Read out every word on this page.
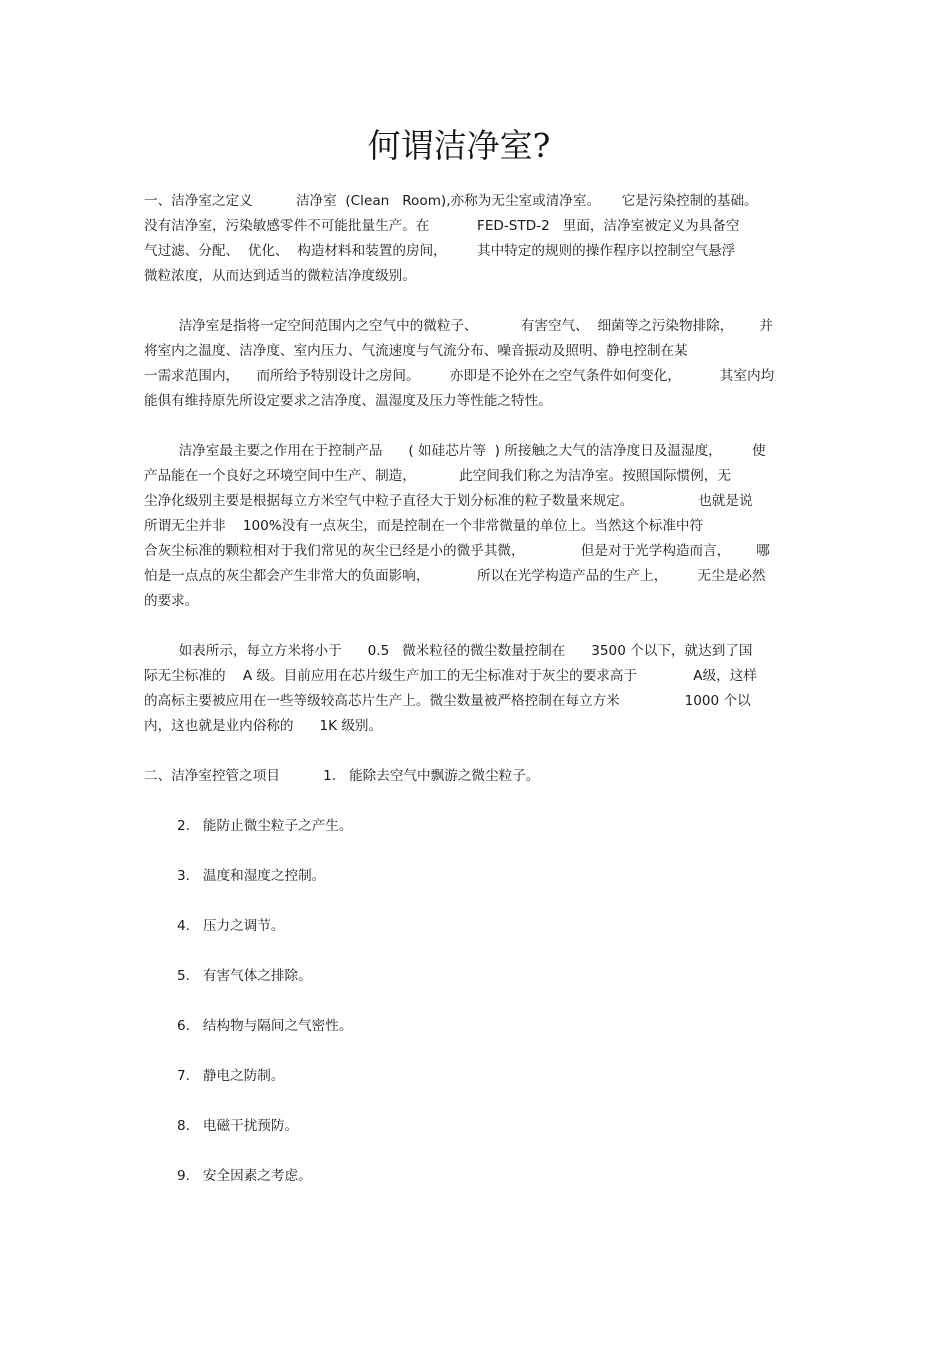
何谓洁净室?
一、洁净室之定义          洁净室  (Clean   Room),亦称为无尘室或清净室。     它是污染控制的基础。
没有洁净室，污染敏感零件不可能批量生产。在           FED-STD-2   里面，洁净室被定义为具备空
气过滤、分配、  优化、  构造材料和装置的房间，       其中特定的规则的操作程序以控制空气悬浮
微粒浓度，从而达到适当的微粒洁净度级别。
洁净室是指将一定空间范围内之空气中的微粒子、          有害空气、  细菌等之污染物排除，      并
将室内之温度、洁净度、室内压力、气流速度与气流分布、噪音振动及照明、静电控制在某
一需求范围内，    而所给予特别设计之房间。       亦即是不论外在之空气条件如何变化，         其室内均
能俱有维持原先所设定要求之洁净度、温湿度及压力等性能之特性。
洁净室最主要之作用在于控制产品      ( 如硅芯片等  ) 所接触之大气的洁净度日及温湿度，       使
产品能在一个良好之环境空间中生产、制造，          此空间我们称之为洁净室。按照国际惯例，无
尘净化级别主要是根据每立方米空气中粒子直径大于划分标准的粒子数量来规定。               也就是说
所谓无尘并非    100%没有一点灰尘，而是控制在一个非常微量的单位上。当然这个标准中符
合灰尘标准的颗粒相对于我们常见的灰尘已经是小的微乎其微，             但是对于光学构造而言，      哪
怕是一点点的灰尘都会产生非常大的负面影响，           所以在光学构造产品的生产上，       无尘是必然
的要求。
如表所示，每立方米将小于      0.5   微米粒径的微尘数量控制在      3500 个以下，就达到了国
际无尘标准的    A 级。目前应用在芯片级生产加工的无尘标准对于灰尘的要求高于             A级，这样
的高标主要被应用在一些等级较高芯片生产上。微尘数量被严格控制在每立方米               1000 个以
内，这也就是业内俗称的      1K 级别。
二、洁净室控管之项目          1.   能除去空气中飘游之微尘粒子。
2.   能防止微尘粒子之产生。
3.   温度和湿度之控制。
4.   压力之调节。
5.   有害气体之排除。
6.   结构物与隔间之气密性。
7.   静电之防制。
8.   电磁干扰预防。
9.   安全因素之考虑。
